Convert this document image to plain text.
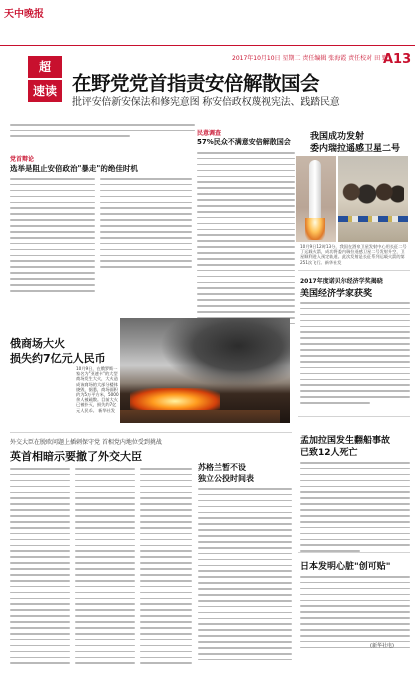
天中晚报
2017年10月10日 星期二 责任编辑 张海霞 责任校对 田 野
A13
超
速读 在野党党首指责安倍解散国会
批评安倍新安保法和修宪意图 称安倍政权蔑视宪法、践踏民意
党首辩论
选举是阻止安倍政治"暴走"的绝佳时机
民意调查
57%民众不满意安倍解散国会 我国成功发射
委内瑞拉遥感卫星二号
10月9日12时13分，我国在酒泉卫星发射中心用长征二号丁运载火箭，成功将委内瑞拉遥感卫星二号发射升空，卫星顺利进入预定轨道。此次发射是长征系列运载火箭的第251次飞行。新华社发
2017年度诺贝尔经济学奖揭晓
美国经济学家获奖
俄商场大火
损失约7亿元人民币
10月9日，在俄罗斯一家名为"亚速卡"的大型商场发生大火，大火造成该商场的大部分楼体烧毁，据悉，商场面积约为5万平方米，5000余人被疏散。目前大火已被扑灭，损失约7亿元人民币。 新华社发
孟加拉国发生翻船事故
已致12人死亡
外交大臣在脱欧问题上插刺保守党 首相党内地位受到挑战
英首相暗示要撤了外交大臣
苏格兰暂不设
独立公投时间表
日本发明心脏"创可贴"
(新华社电)
